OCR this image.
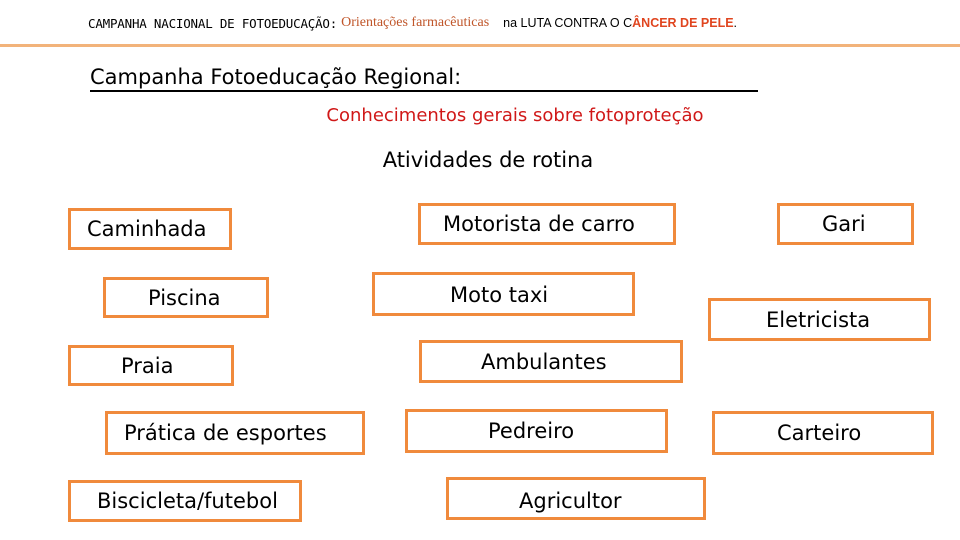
CAMPANHA NACIONAL DE FOTOEDUCAÇÃO: Orientações farmacêuticas na LUTA CONTRA O C ÂNCER DE PELE .
Campanha Fotoeducação Regional:
Conhecimentos gerais sobre fotoproteção
Atividades de rotina
Caminhada
Piscina
Praia
Prática de esportes
Biscicleta/futebol
Motorista de carro
Moto taxi
Ambulantes
Pedreiro
Agricultor
Gari
Eletricista
Carteiro
